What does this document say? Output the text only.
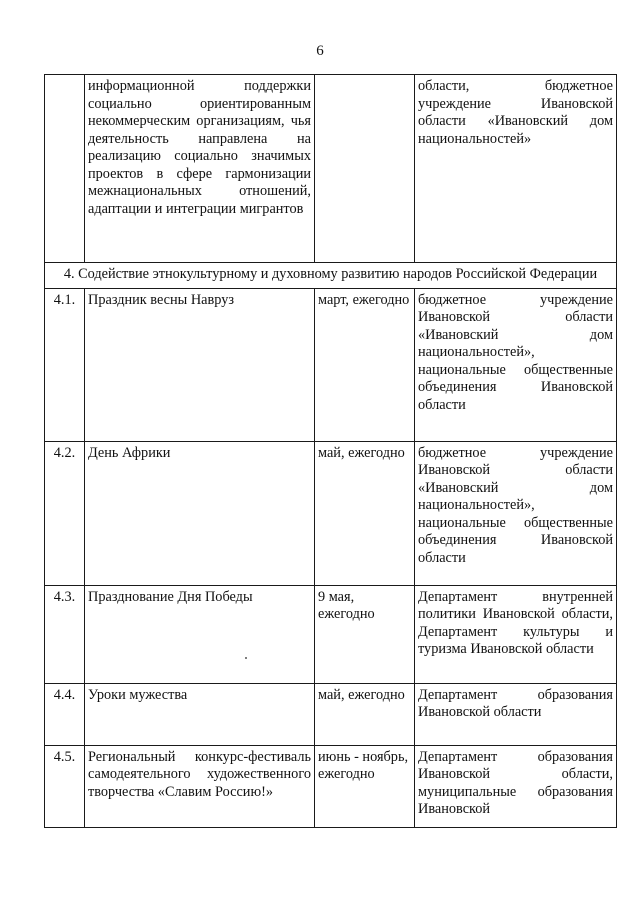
6
	информационной поддержки социально ориентированным некоммерческим организациям, чья деятельность направлена на реализацию социально значимых проектов в сфере гармонизации межнациональных отношений, адаптации и интеграции мигрантов		области, бюджетное учреждение Ивановской области «Ивановский дом национальностей»
4. Содействие этнокультурному и духовному развитию народов Российской Федерации			
4.1.	Праздник весны Навруз	март, ежегодно	бюджетное учреждение Ивановской области «Ивановский дом национальностей», национальные общественные объединения Ивановской области
4.2.	День Африки	май, ежегодно	бюджетное учреждение Ивановской области «Ивановский дом национальностей», национальные общественные объединения Ивановской области
4.3.	Празднование Дня Победы	9 мая, ежегодно	Департамент внутренней политики Ивановской области, Департамент культуры и туризма Ивановской области
4.4.	Уроки мужества	май, ежегодно	Департамент образования Ивановской области
4.5.	Региональный конкурс-фестиваль самодеятельного художественного творчества «Славим Россию!»	июнь - ноябрь, ежегодно	Департамент образования Ивановской области, муниципальные образования Ивановской
